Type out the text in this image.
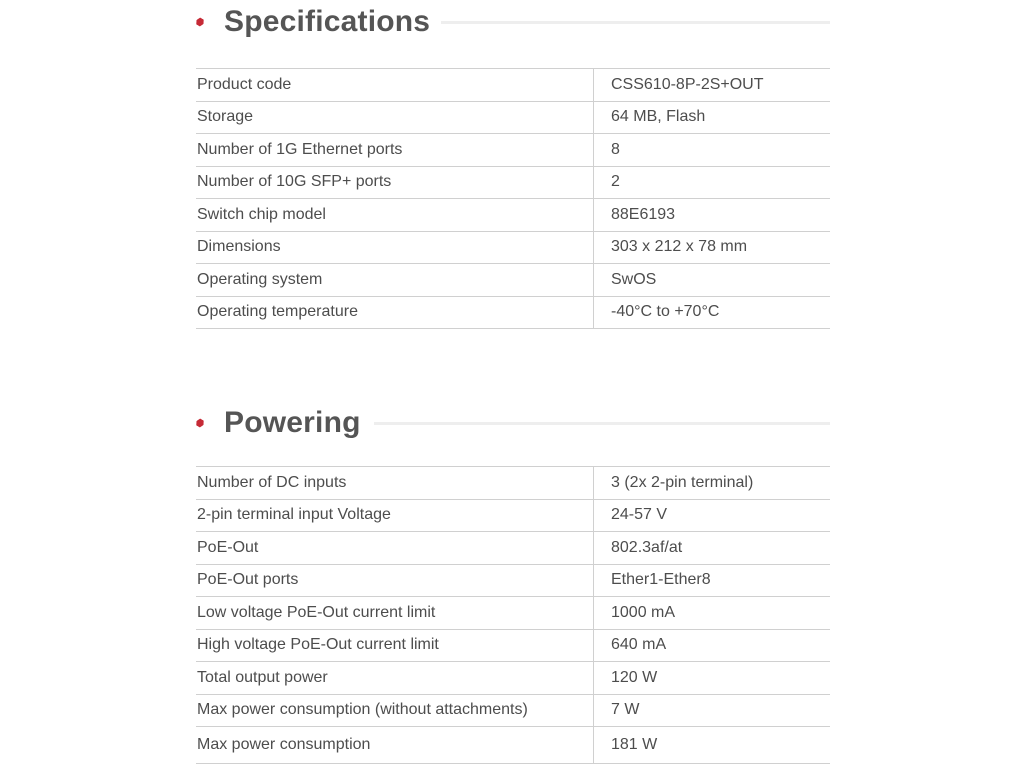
Specifications
Product code	CSS610-8P-2S+OUT
Storage	64 MB, Flash
Number of 1G Ethernet ports	8
Number of 10G SFP+ ports	2
Switch chip model	88E6193
Dimensions	303 x 212 x 78 mm
Operating system	SwOS
Operating temperature	-40°C to +70°C
Powering
Number of DC inputs	3 (2x 2-pin terminal)
2-pin terminal input Voltage	24-57 V
PoE-Out	802.3af/at
PoE-Out ports	Ether1-Ether8
Low voltage PoE-Out current limit	1000 mA
High voltage PoE-Out current limit	640 mA
Total output power	120 W
Max power consumption (without attachments)	7 W
Max power consumption	181 W
